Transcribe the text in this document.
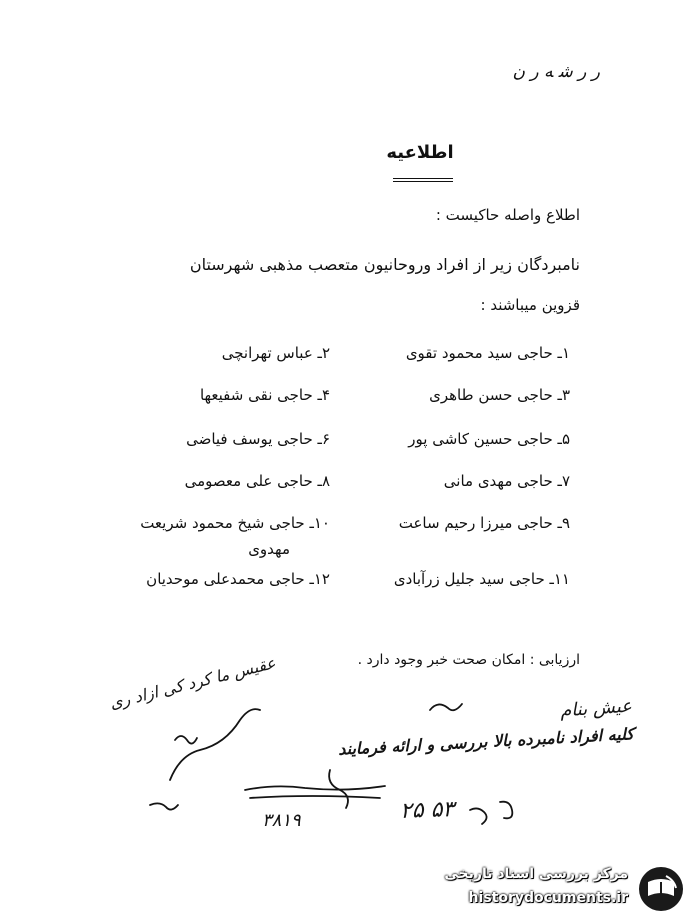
ﺭ ﺭ ﺷ ﻪ ﺭ ﻥ
اطلاعیه
اطلاع واصله حاکیست :
نامبردگان زیر از افراد وروحانیون متعصب مذهبی شهرستان
قزوین میباشند :
۱ـ حاجی سید محمود تقوی
۲ـ عباس تهرانچی
۳ـ حاجی حسن طاهری
۴ـ حاجی نقی شفیعها
۵ـ حاجی حسین کاشی پور
۶ـ حاجی یوسف فیاضی
۷ـ حاجی مهدی مانی
۸ـ حاجی علی معصومی
۹ـ حاجی میرزا رحیم ساعت
۱۰ـ حاجی شیخ محمود شریعت
مهدوی
۱۱ـ حاجی سید جلیل زرآبادی
۱۲ـ حاجی محمدعلی موحدیان
ارزیابی : امکان صحت خبر وجود دارد .
عیش بنام
کلیه افراد نامبرده بالا بررسی و ارائه فرمایند
عقیس ما کرد کی ازاد ری
۲۵ ۵۳
۳۸۱۹
مرکز بررسی اسناد تاریخی
historydocuments.ir
